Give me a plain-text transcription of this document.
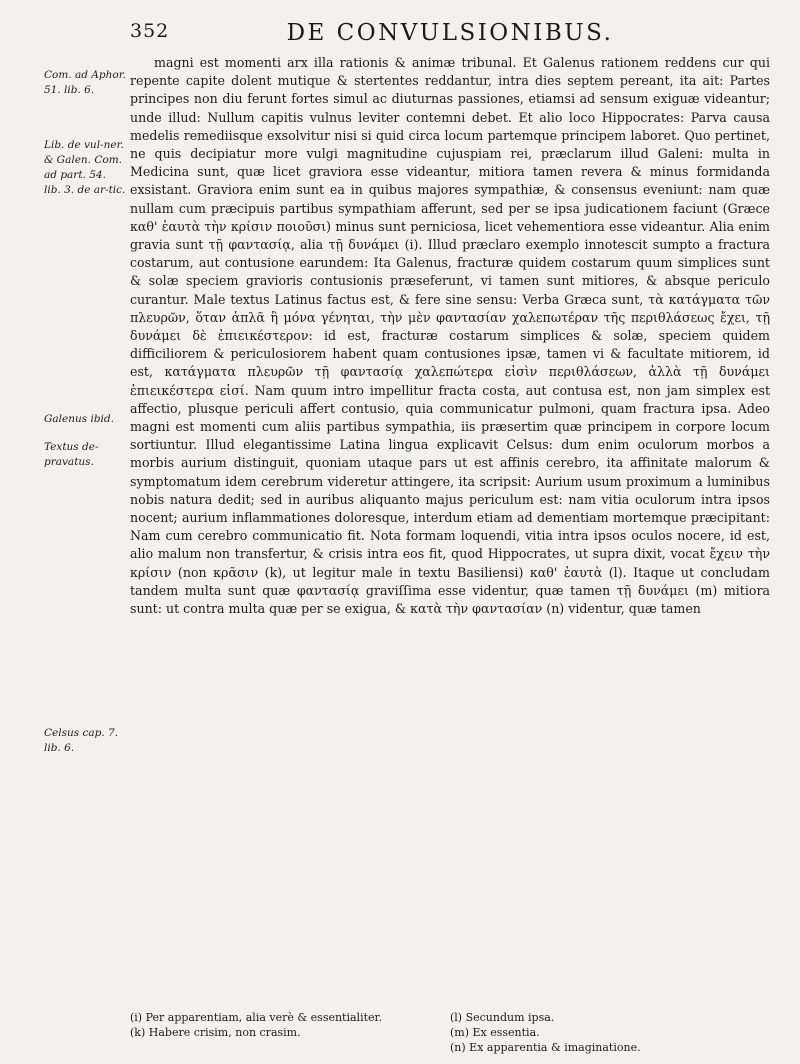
352	DE CONVULSIONIBUS.
Com. ad Aphor. 51. lib. 6.
Lib. de vul-ner. & Galen. Com. ad part. 54. lib. 3. de ar-tic.
Galenus ibid.
Textus de-pravatus.
Celsus cap. 7. lib. 6.

magni est momenti arx illa rationis & animæ tribunal. Et Galenus rationem reddens cur qui repente capite dolent mutique & stertentes reddantur, intra dies septem pereant, ita ait: Partes principes non diu ferunt fortes simul ac diuturnas passiones, etiamsi ad sensum exiguæ videantur; unde illud: Nullum capitis vulnus leviter contemni debet. Et alio loco Hippocrates: Parva causa medelis remediisque exsolvitur nisi si quid circa locum partemque principem laboret. Quo pertinet, ne quis decipiatur more vulgi magnitudine cujuspiam rei, præclarum illud Galeni: multa in Medicina sunt, quæ licet graviora esse videantur, mitiora tamen revera & minus formidanda exsistant. Graviora enim sunt ea in quibus majores sympathiæ, & consensus eveniunt: nam quæ nullam cum præcipuis partibus sympathiam afferunt, sed per se ipsa judicationem faciunt (Græce καθ' ἑαυτὰ τὴν κρίσιν ποιοῦσι) minus sunt perniciosa, licet vehementiora esse videantur. Alia enim gravia sunt τῇ φαντασίᾳ, alia τῇ δυνάμει (i). Illud præclaro exemplo innotescit sumpto a fractura costarum, aut contusione earundem: Ita Galenus, fracturæ quidem costarum quum simplices sunt & solæ speciem gravioris contusionis præseferunt, vi tamen sunt mitiores, & absque periculo curantur. Male textus Latinus factus est, & fere sine sensu: Verba Græca sunt, τὰ κατάγματα τῶν πλευρῶν, ὅταν ἁπλᾶ ἢ μόνα γένηται, τὴν μὲν φαντασίαν χαλεπωτέραν τῆς περιθλάσεως ἔχει, τῇ δυνάμει δὲ ἐπιεικέστερον: id est, fracturæ costarum simplices & solæ, speciem quidem difficiliorem & periculosiorem habent quam contusiones ipsæ, tamen vi & facultate mitiorem, id est, κατάγματα πλευρῶν τῇ φαντασίᾳ χαλεπώτερα εἰσὶν περιθλάσεων, ἀλλὰ τῇ δυνάμει ἐπιεικέστερα εἰσί. Nam quum intro impellitur fracta costa, aut contusa est, non jam simplex est affectio, plusque periculi affert contusio, quia communicatur pulmoni, quam fractura ipsa. Adeo magni est momenti cum aliis partibus sympathia, iis præsertim quæ principem in corpore locum sortiuntur. Illud elegantissime Latina lingua explicavit Celsus: dum enim oculorum morbos a morbis aurium distinguit, quoniam utaque pars ut est affinis cerebro, ita affinitate malorum & symptomatum idem cerebrum videretur attingere, ita scripsit: Aurium usum proximum a luminibus nobis natura dedit; sed in auribus aliquanto majus periculum est: nam vitia oculorum intra ipsos nocent; aurium inflammationes doloresque, interdum etiam ad dementiam mortemque præcipitant: Nam cum cerebro communicatio fit. Nota formam loquendi, vitia intra ipsos oculos nocere, id est, alio malum non transfertur, & crisis intra eos fit, quod Hippocrates, ut supra dixit, vocat ἔχειν τὴν κρίσιν (non κρᾶσιν (k), ut legitur male in textu Basiliensi) καθ' ἑαυτὰ (l). Itaque ut concludam tandem multa sunt quæ φαντασίᾳ graviſſima esse videntur, quæ tamen τῇ δυνάμει (m) mitiora sunt: ut contra multa quæ per se exigua, & κατὰ τὴν φαντασίαν (n) videntur, quæ tamen

(i) Per apparentiam, alia verè & essentialiter.
(k) Habere crisim, non crasim.
(l) Secundum ipsa.
(m) Ex essentia.
(n) Ex apparentia & imaginatione.
